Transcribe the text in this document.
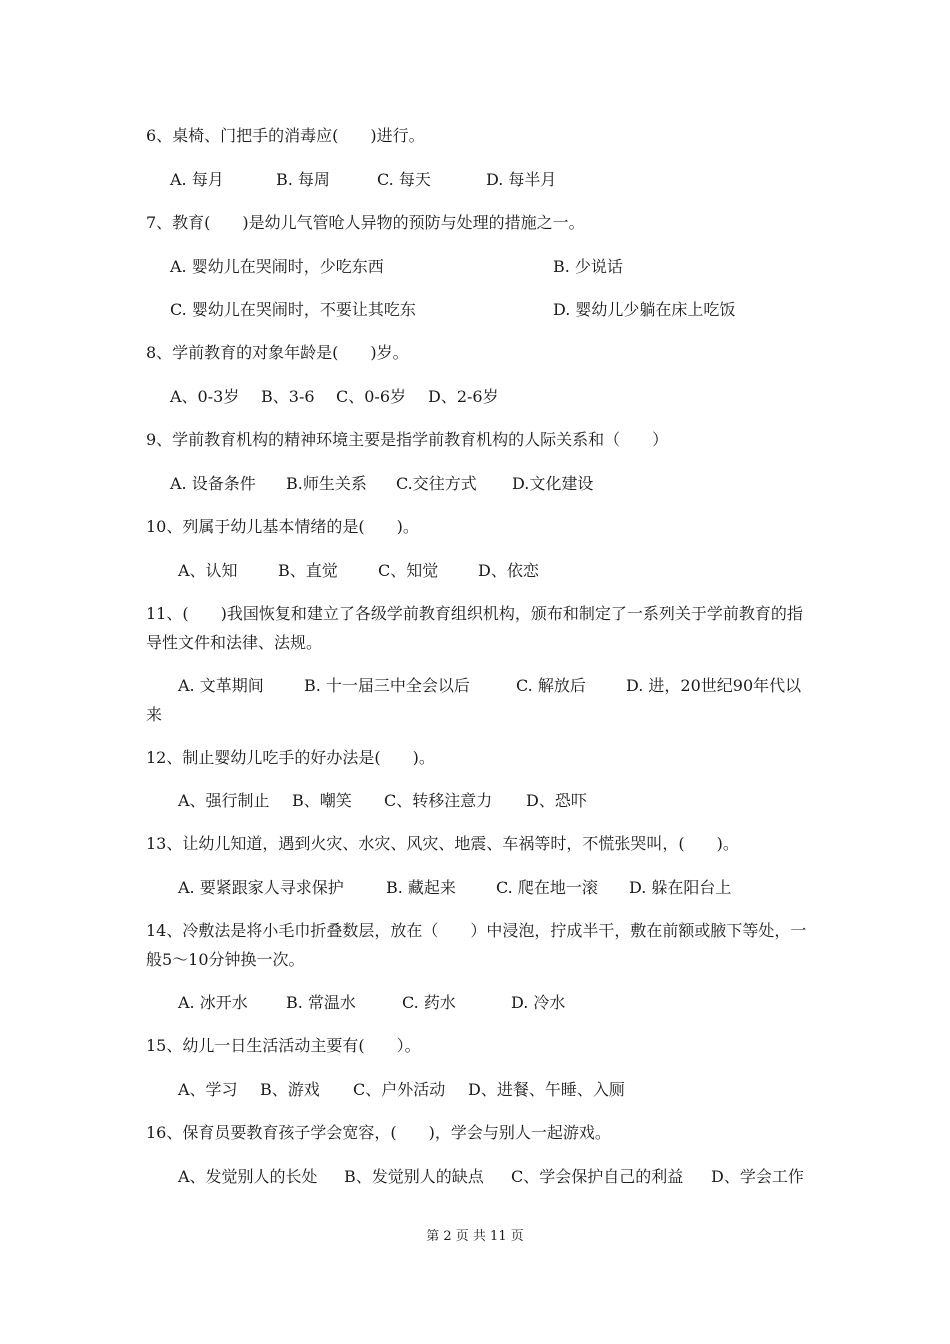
6、桌椅、门把手的消毒应(　　)进行。
A. 每月	B. 每周	C. 每天	D. 每半月
7、教育(　　)是幼儿气管呛人异物的预防与处理的措施之一。
A. 婴幼儿在哭闹时，少吃东西	B. 少说话
C. 婴幼儿在哭闹时，不要让其吃东	D. 婴幼儿少躺在床上吃饭
8、学前教育的对象年龄是(　　)岁。
A、0-3岁 B、3-6 C、0-6岁 D、2-6岁
9、学前教育机构的精神环境主要是指学前教育机构的人际关系和（　　）
A. 设备条件 B.师生关系 C.交往方式 D.文化建设
10、列属于幼儿基本情绪的是(　　)。
A、认知	B、直觉	C、知觉 D、依恋
11、(　　)我国恢复和建立了各级学前教育组织机构，颁布和制定了一系列关于学前教育的指导性文件和法律、法规。
A. 文革期间	B. 十一届三中全会以后	C. 解放后	D. 进，20世纪90年代以来
12、制止婴幼儿吃手的好办法是(　　)。
A、强行制止 B、嘲笑 C、转移注意力 D、恐吓
13、让幼儿知道，遇到火灾、水灾、风灾、地震、车祸等时，不慌张哭叫，(　　)。
A. 要紧跟家人寻求保护	B. 藏起来	C. 爬在地一滚 D. 躲在阳台上
14、冷敷法是将小毛巾折叠数层，放在（　　）中浸泡，拧成半干，敷在前额或腋下等处，一般5～10分钟换一次。
A. 冰开水 B. 常温水	C. 药水	D. 冷水
15、幼儿一日生活活动主要有(　　）。
A、学习 B、游戏 C、户外活动 D、进餐、午睡、入厕
16、保育员要教育孩子学会宽容，(　　)，学会与别人一起游戏。
A、发觉别人的长处 B、发觉别人的缺点 C、学会保护自己的利益 D、学会工作
第 2 页 共 11 页
